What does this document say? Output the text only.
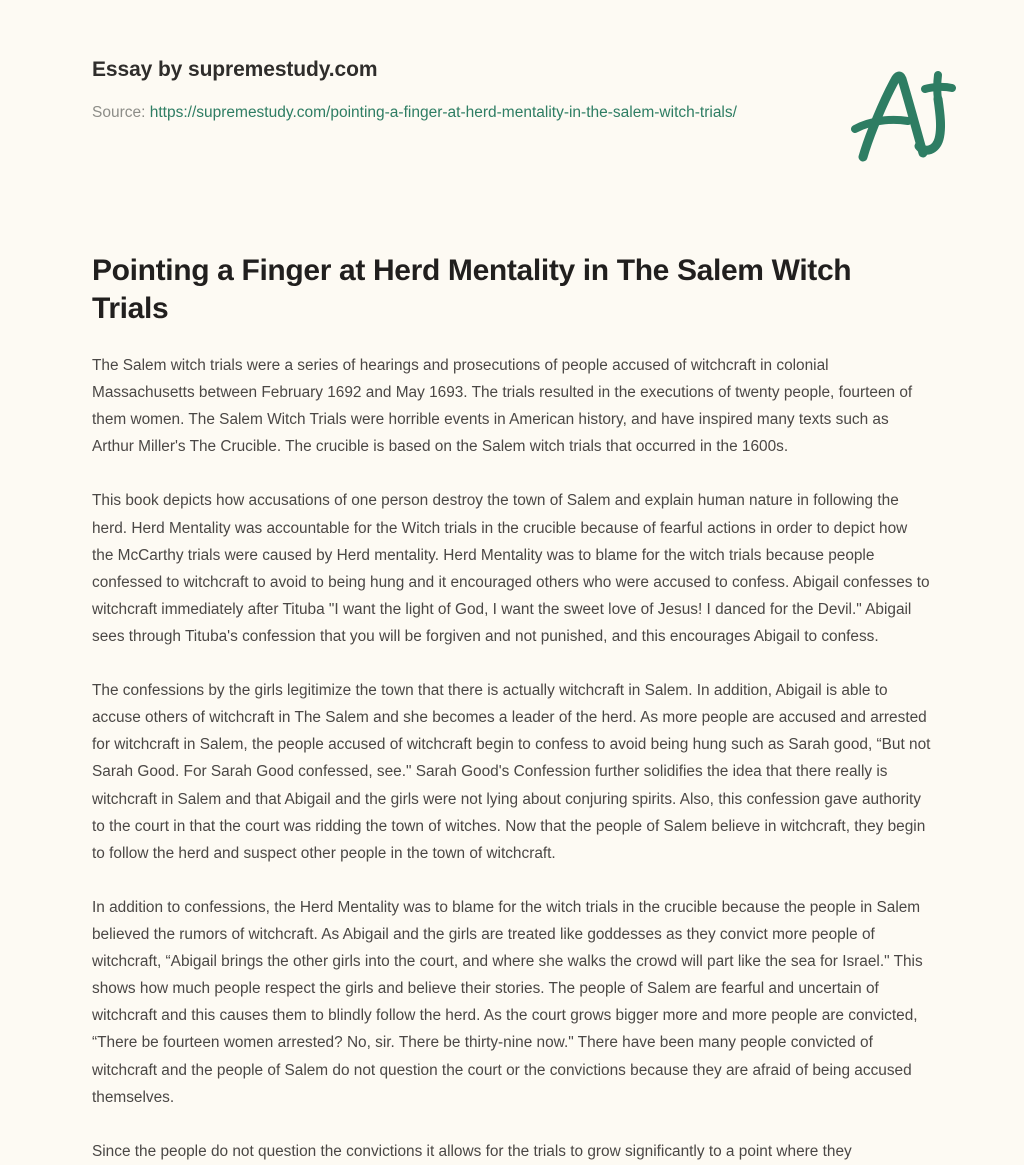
Essay by supremestudy.com

Source: https://supremestudy.com/pointing-a-finger-at-herd-mentality-in-the-salem-witch-trials/

Pointing a Finger at Herd Mentality in The Salem Witch Trials

The Salem witch trials were a series of hearings and prosecutions of people accused of witchcraft in colonial Massachusetts between February 1692 and May 1693. The trials resulted in the executions of twenty people, fourteen of them women. The Salem Witch Trials were horrible events in American history, and have inspired many texts such as Arthur Miller's The Crucible. The crucible is based on the Salem witch trials that occurred in the 1600s.

This book depicts how accusations of one person destroy the town of Salem and explain human nature in following the herd. Herd Mentality was accountable for the Witch trials in the crucible because of fearful actions in order to depict how the McCarthy trials were caused by Herd mentality. Herd Mentality was to blame for the witch trials because people confessed to witchcraft to avoid to being hung and it encouraged others who were accused to confess. Abigail confesses to witchcraft immediately after Tituba "I want the light of God, I want the sweet love of Jesus! I danced for the Devil." Abigail sees through Tituba's confession that you will be forgiven and not punished, and this encourages Abigail to confess.

The confessions by the girls legitimize the town that there is actually witchcraft in Salem. In addition, Abigail is able to accuse others of witchcraft in The Salem and she becomes a leader of the herd. As more people are accused and arrested for witchcraft in Salem, the people accused of witchcraft begin to confess to avoid being hung such as Sarah good, “But not Sarah Good. For Sarah Good confessed, see." Sarah Good's Confession further solidifies the idea that there really is witchcraft in Salem and that Abigail and the girls were not lying about conjuring spirits. Also, this confession gave authority to the court in that the court was ridding the town of witches. Now that the people of Salem believe in witchcraft, they begin to follow the herd and suspect other people in the town of witchcraft.

In addition to confessions, the Herd Mentality was to blame for the witch trials in the crucible because the people in Salem believed the rumors of witchcraft. As Abigail and the girls are treated like goddesses as they convict more people of witchcraft, “Abigail brings the other girls into the court, and where she walks the crowd will part like the sea for Israel." This shows how much people respect the girls and believe their stories. The people of Salem are fearful and uncertain of witchcraft and this causes them to blindly follow the herd. As the court grows bigger more and more people are convicted, “There be fourteen women arrested? No, sir. There be thirty-nine now." There have been many people convicted of witchcraft and the people of Salem do not question the court or the convictions because they are afraid of being accused themselves.

Since the people do not question the convictions it allows for the trials to grow significantly to a point where they
